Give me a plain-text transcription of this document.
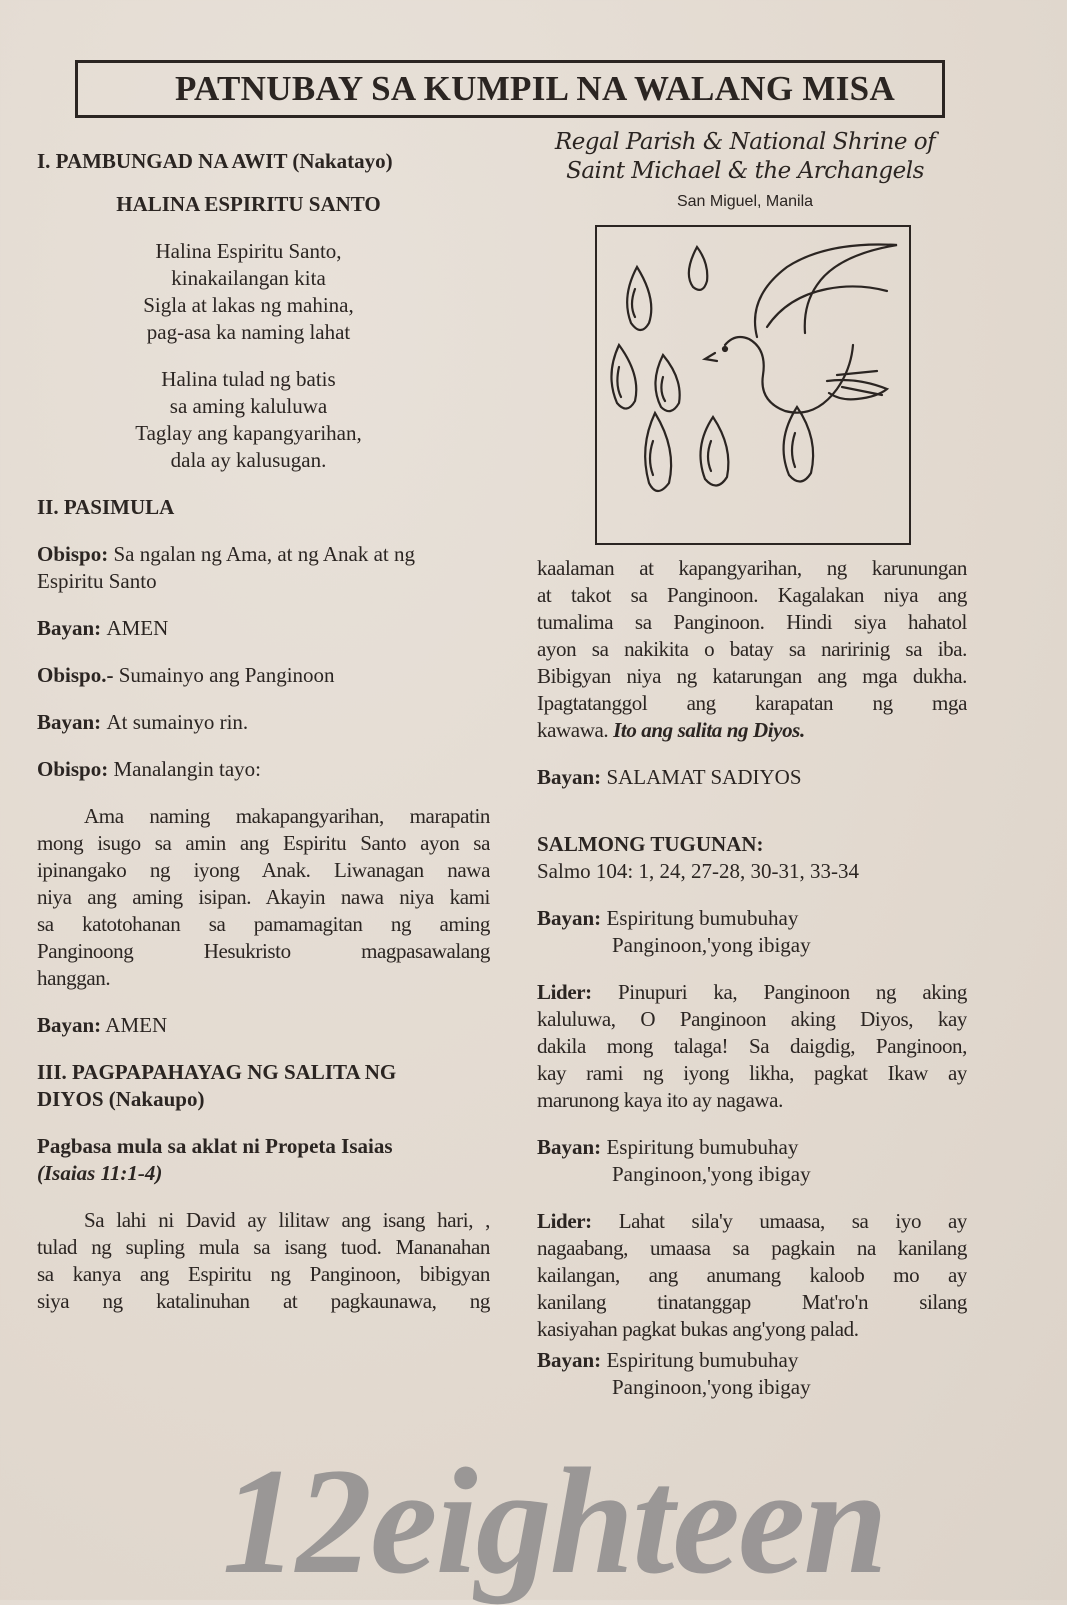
PATNUBAY SA KUMPIL NA WALANG MISA
Regal Parish & National Shrine of
Saint Michael & the Archangels
San Miguel, Manila
I. PAMBUNGAD NA AWIT (Nakatayo)
HALINA ESPIRITU SANTO
Halina Espiritu Santo,
kinakailangan kita
Sigla at lakas ng mahina,
pag-asa ka naming lahat
Halina tulad ng batis
sa aming kaluluwa
Taglay ang kapangyarihan,
dala ay kalusugan.
II. PASIMULA
Obispo: Sa ngalan ng Ama, at ng Anak at ng
Espiritu Santo
Bayan: AMEN
Obispo.- Sumainyo ang Panginoon
Bayan: At sumainyo rin.
Obispo: Manalangin tayo:
Ama naming makapangyarihan, marapatin
mong isugo sa amin ang Espiritu Santo ayon sa
ipinangako ng iyong Anak. Liwanagan nawa
niya ang aming isipan. Akayin nawa niya kami
sa katotohanan sa pamamagitan ng aming
Panginoong Hesukristo magpasawalang
hanggan.
Bayan: AMEN
III. PAGPAPAHAYAG NG SALITA NG
DIYOS (Nakaupo)
Pagbasa mula sa aklat ni Propeta Isaias
(Isaias 11:1-4)
Sa lahi ni David ay lilitaw ang isang hari, ,
tulad ng supling mula sa isang tuod. Mananahan
sa kanya ang Espiritu ng Panginoon, bibigyan
siya ng katalinuhan at pagkaunawa, ng
kaalaman at kapangyarihan, ng karunungan
at takot sa Panginoon. Kagalakan niya ang
tumalima sa Panginoon. Hindi siya hahatol
ayon sa nakikita o batay sa naririnig sa iba.
Bibigyan niya ng katarungan ang mga dukha.
Ipagtatanggol ang karapatan ng mga
kawawa. Ito ang salita ng Diyos.
Bayan: SALAMAT SADIYOS
SALMONG TUGUNAN:
Salmo 104: 1, 24, 27-28, 30-31, 33-34
Bayan: Espiritung bumubuhay
Panginoon,'yong ibigay
Lider: Pinupuri ka, Panginoon ng aking
kaluluwa, O Panginoon aking Diyos, kay
dakila mong talaga! Sa daigdig, Panginoon,
kay rami ng iyong likha, pagkat Ikaw ay
marunong kaya ito ay nagawa.
Bayan: Espiritung bumubuhay
Panginoon,'yong ibigay
Lider: Lahat sila'y umaasa, sa iyo ay
nagaabang, umaasa sa pagkain na kanilang
kailangan, ang anumang kaloob mo ay
kanilang tinatanggap Mat'ro'n silang
kasiyahan pagkat bukas ang'yong palad.
Bayan: Espiritung bumubuhay
Panginoon,'yong ibigay
12eighteen
